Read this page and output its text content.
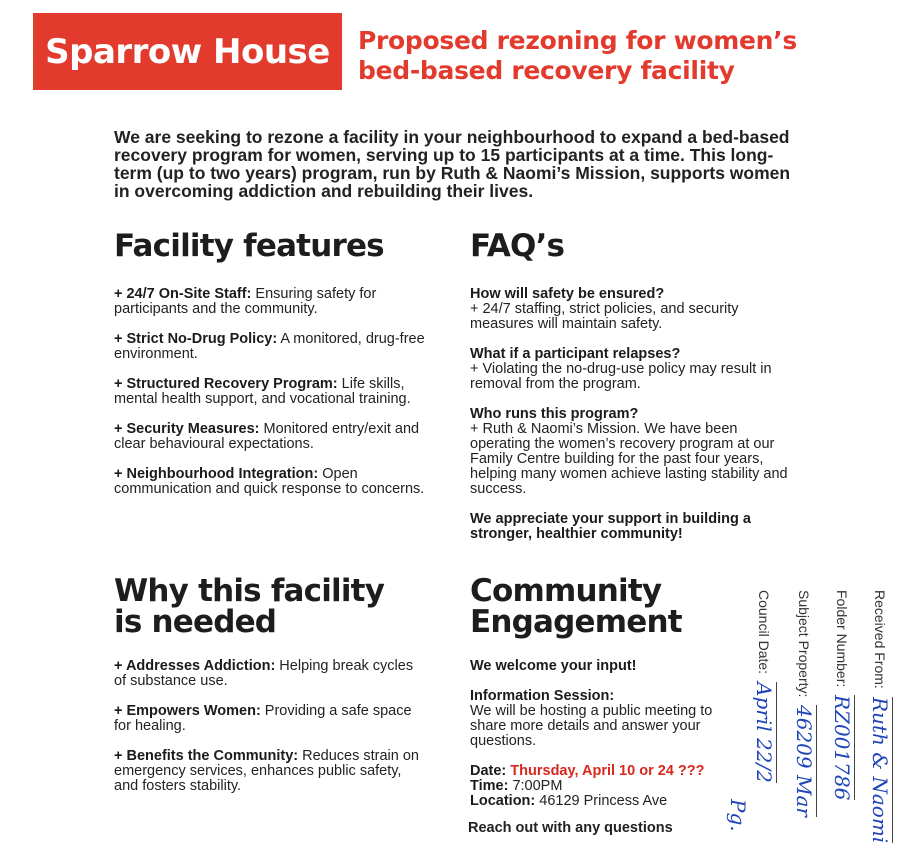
Sparrow House Proposed rezoning for women’s
bed-based recovery facility
We are seeking to rezone a facility in your neighbourhood to expand a bed-based recovery program for women, serving up to 15 participants at a time. This long-term (up to two years) program, run by Ruth & Naomi’s Mission, supports women in overcoming addiction and rebuilding their lives.
Facility features

+ 24/7 On-Site Staff: Ensuring safety for participants and the community.

+ Strict No-Drug Policy: A monitored, drug-free environment.

+ Structured Recovery Program: Life skills, mental health support, and vocational training.

+ Security Measures: Monitored entry/exit and clear behavioural expectations.

+ Neighbourhood Integration: Open communication and quick response to concerns.

FAQ’s

How will safety be ensured?
+ 24/7 staffing, strict policies, and security measures will maintain safety.

What if a participant relapses?
+ Violating the no-drug-use policy may result in removal from the program.

Who runs this program?
+ Ruth & Naomi’s Mission. We have been operating the women’s recovery program at our Family Centre building for the past four years, helping many women achieve lasting stability and success.

We appreciate your support in building a stronger, healthier community!

Why this facility
is needed

+ Addresses Addiction: Helping break cycles of substance use.

+ Empowers Women: Providing a safe space for healing.

+ Benefits the Community: Reduces strain on emergency services, enhances public safety, and fosters stability.

Community
Engagement

We welcome your input!

Information Session:
We will be hosting a public meeting to share more details and answer your questions.

Date: Thursday, April 10 or 24 ???
Time: 7:00PM
Location: 46129 Princess Ave

Reach out with any questions
Received From: Ruth & Naomi
Folder Number: RZ001786
Subject Property: 46209 Mar
Council Date: April 22/2
Pg.
